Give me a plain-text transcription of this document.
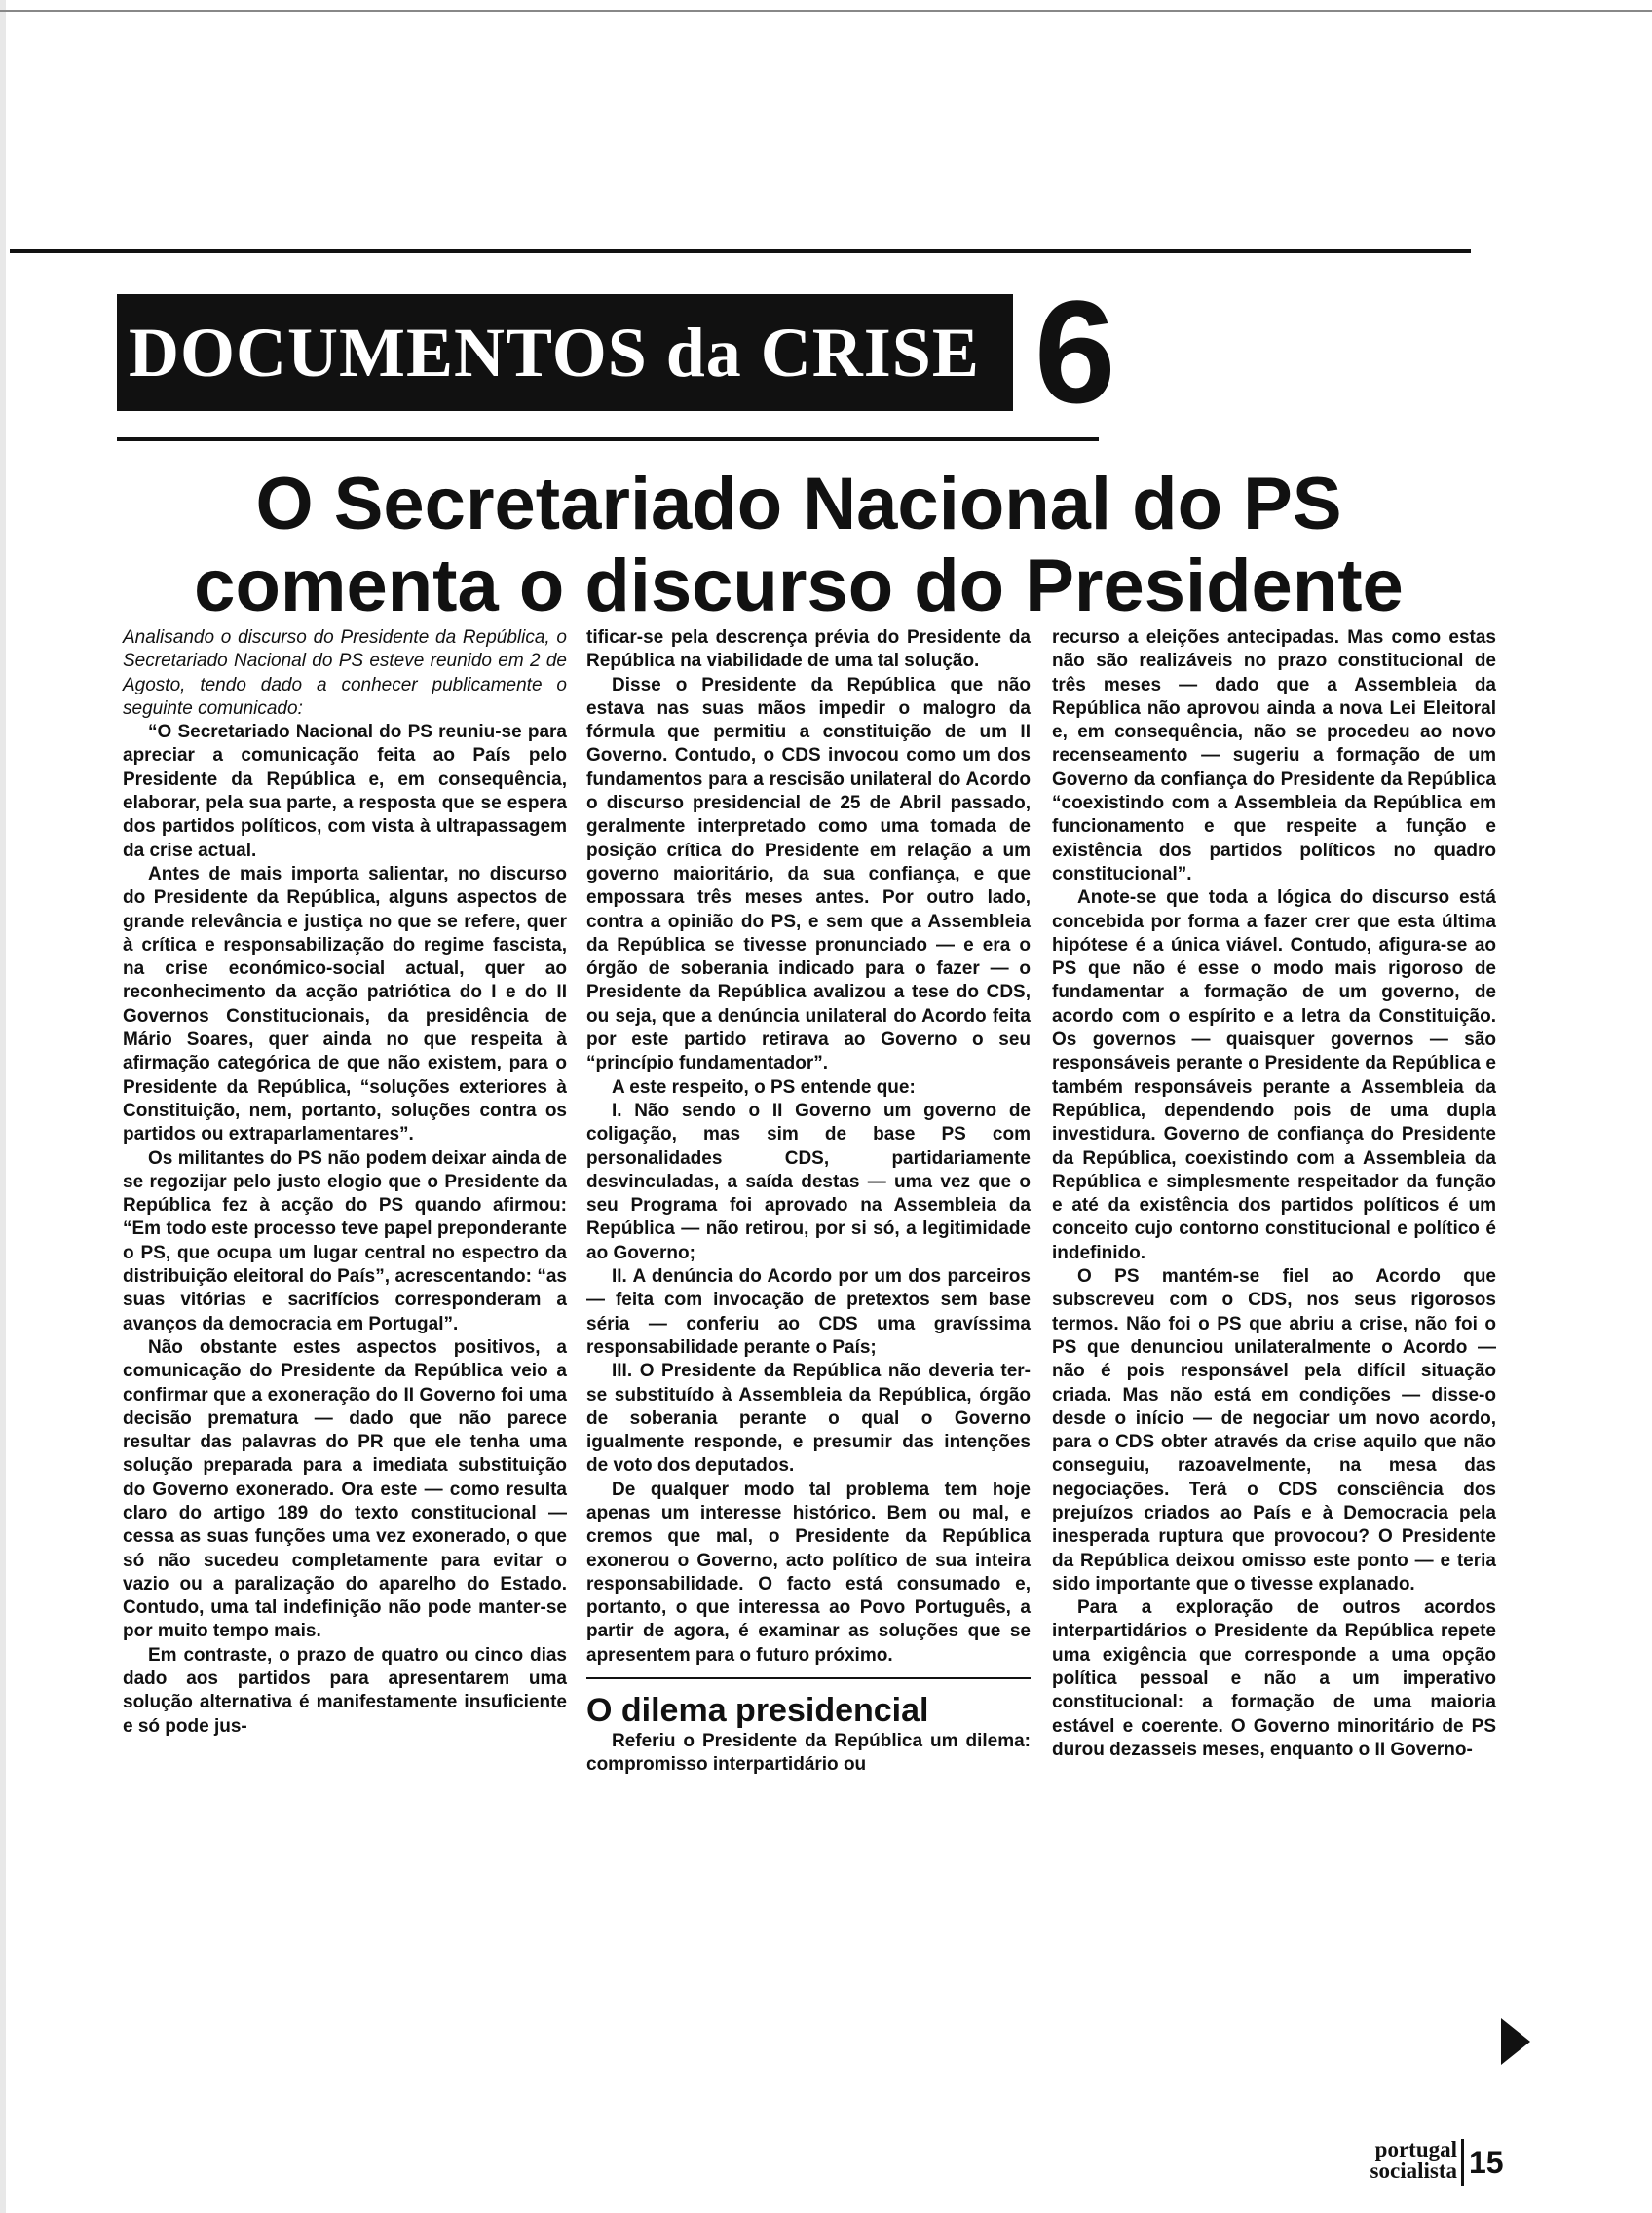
DOCUMENTOS da CRISE 6
O Secretariado Nacional do PS
comenta o discurso do Presidente

Analisando o discurso do Presidente da República, o Secretariado Nacional do PS esteve reunido em 2 de Agosto, tendo dado a conhecer publicamente o seguinte comunicado:

“O Secretariado Nacional do PS reuniu-se para apreciar a comunicação feita ao País pelo Presidente da República e, em consequência, elaborar, pela sua parte, a resposta que se espera dos partidos políticos, com vista à ultrapassagem da crise actual.

Antes de mais importa salientar, no discurso do Presidente da República, alguns aspectos de grande relevância e justiça no que se refere, quer à crítica e responsabilização do regime fascista, na crise económico-social actual, quer ao reconhecimento da acção patriótica do I e do II Governos Constitucionais, da presidência de Mário Soares, quer ainda no que respeita à afirmação categórica de que não existem, para o Presidente da República, “soluções exteriores à Constituição, nem, portanto, soluções contra os partidos ou extraparlamentares”.

Os militantes do PS não podem deixar ainda de se regozijar pelo justo elogio que o Presidente da República fez à acção do PS quando afirmou: “Em todo este processo teve papel preponderante o PS, que ocupa um lugar central no espectro da distribuição eleitoral do País”, acrescentando: “as suas vitórias e sacrifícios corresponderam a avanços da democracia em Portugal”.

Não obstante estes aspectos positivos, a comunicação do Presidente da República veio a confirmar que a exoneração do II Governo foi uma decisão prematura — dado que não parece resultar das palavras do PR que ele tenha uma solução preparada para a imediata substituição do Governo exonerado. Ora este — como resulta claro do artigo 189 do texto constitucional — cessa as suas funções uma vez exonerado, o que só não sucedeu completamente para evitar o vazio ou a paralização do aparelho do Estado. Contudo, uma tal indefinição não pode manter-se por muito tempo mais.

Em contraste, o prazo de quatro ou cinco dias dado aos partidos para apresentarem uma solução alternativa é manifestamente insuficiente e só pode jus-

tificar-se pela descrença prévia do Presidente da República na viabilidade de uma tal solução.

Disse o Presidente da República que não estava nas suas mãos impedir o malogro da fórmula que permitiu a constituição de um II Governo. Contudo, o CDS invocou como um dos fundamentos para a rescisão unilateral do Acordo o discurso presidencial de 25 de Abril passado, geralmente interpretado como uma tomada de posição crítica do Presidente em relação a um governo maioritário, da sua confiança, e que empossara três meses antes. Por outro lado, contra a opinião do PS, e sem que a Assembleia da República se tivesse pronunciado — e era o órgão de soberania indicado para o fazer — o Presidente da República avalizou a tese do CDS, ou seja, que a denúncia unilateral do Acordo feita por este partido retirava ao Governo o seu “princípio fundamentador”.

A este respeito, o PS entende que:

I. Não sendo o II Governo um governo de coligação, mas sim de base PS com personalidades CDS, partidariamente desvinculadas, a saída destas — uma vez que o seu Programa foi aprovado na Assembleia da República — não retirou, por si só, a legitimidade ao Governo;

II. A denúncia do Acordo por um dos parceiros — feita com invocação de pretextos sem base séria — conferiu ao CDS uma gravíssima responsabilidade perante o País;

III. O Presidente da República não deveria ter-se substituído à Assembleia da República, órgão de soberania perante o qual o Governo igualmente responde, e presumir das intenções de voto dos deputados.

De qualquer modo tal problema tem hoje apenas um interesse histórico. Bem ou mal, e cremos que mal, o Presidente da República exonerou o Governo, acto político de sua inteira responsabilidade. O facto está consumado e, portanto, o que interessa ao Povo Português, a partir de agora, é examinar as soluções que se apresentem para o futuro próximo.

O dilema presidencial

Referiu o Presidente da República um dilema: compromisso interpartidário ou

recurso a eleições antecipadas. Mas como estas não são realizáveis no prazo constitucional de três meses — dado que a Assembleia da República não aprovou ainda a nova Lei Eleitoral e, em consequência, não se procedeu ao novo recenseamento — sugeriu a formação de um Governo da confiança do Presidente da República “coexistindo com a Assembleia da República em funcionamento e que respeite a função e existência dos partidos políticos no quadro constitucional”.

Anote-se que toda a lógica do discurso está concebida por forma a fazer crer que esta última hipótese é a única viável. Contudo, afigura-se ao PS que não é esse o modo mais rigoroso de fundamentar a formação de um governo, de acordo com o espírito e a letra da Constituição. Os governos — quaisquer governos — são responsáveis perante o Presidente da República e também responsáveis perante a Assembleia da República, dependendo pois de uma dupla investidura. Governo de confiança do Presidente da República, coexistindo com a Assembleia da República e simplesmente respeitador da função e até da existência dos partidos políticos é um conceito cujo contorno constitucional e político é indefinido.

O PS mantém-se fiel ao Acordo que subscreveu com o CDS, nos seus rigorosos termos. Não foi o PS que abriu a crise, não foi o PS que denunciou unilateralmente o Acordo — não é pois responsável pela difícil situação criada. Mas não está em condições — disse-o desde o início — de negociar um novo acordo, para o CDS obter através da crise aquilo que não conseguiu, razoavelmente, na mesa das negociações. Terá o CDS consciência dos prejuízos criados ao País e à Democracia pela inesperada ruptura que provocou? O Presidente da República deixou omisso este ponto — e teria sido importante que o tivesse explanado.

Para a exploração de outros acordos interpartidários o Presidente da República repete uma exigência que corresponde a uma opção política pessoal e não a um imperativo constitucional: a formação de uma maioria estável e coerente. O Governo minoritário de PS durou dezasseis meses, enquanto o II Governo-

portugal
socialista 15
